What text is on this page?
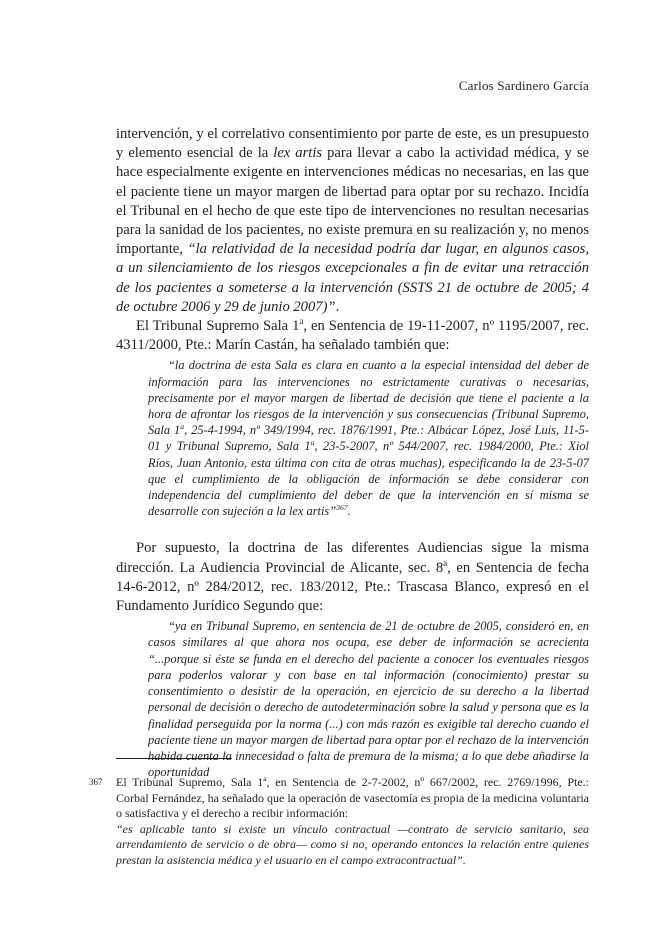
Carlos Sardinero García

intervención, y el correlativo consentimiento por parte de este, es un presupuesto y elemento esencial de la lex artis para llevar a cabo la actividad médica, y se hace especialmente exigente en intervenciones médicas no necesarias, en las que el paciente tiene un mayor margen de libertad para optar por su rechazo. Incidía el Tribunal en el hecho de que este tipo de intervenciones no resultan necesarias para la sanidad de los pacientes, no existe premura en su realización y, no menos importante, “la relatividad de la necesidad podría dar lugar, en algunos casos, a un silenciamiento de los riesgos excepcionales a fin de evitar una retracción de los pacientes a someterse a la intervención (SSTS 21 de octubre de 2005; 4 de octubre 2006 y 29 de junio 2007)”.

El Tribunal Supremo Sala 1$^a$, en Sentencia de 19-11-2007, nº 1195/2007, rec. 4311/2000, Pte.: Marín Castán, ha señalado también que:

“la doctrina de esta Sala es clara en cuanto a la especial intensidad del deber de información para las intervenciones no estrictamente curativas o necesarias, precisamente por el mayor margen de libertad de decisión que tiene el paciente a la hora de afrontar los riesgos de la intervención y sus consecuencias (Tribunal Supremo, Sala 1$^a$, 25-4-1994, nº 349/1994, rec. 1876/1991, Pte.: Albácar López, José Luis, 11-5-01 y Tribunal Supremo, Sala 1$^a$, 23-5-2007, nº 544/2007, rec. 1984/2000, Pte.: Xiol Ríos, Juan Antonio, esta última con cita de otras muchas), especificando la de 23-5-07 que el cumplimiento de la obligación de información se debe considerar con independencia del cumplimiento del deber de que la intervención en sí misma se desarrolle con sujeción a la lex artis”$^{367}$.

Por supuesto, la doctrina de las diferentes Audiencias sigue la misma dirección. La Audiencia Provincial de Alicante, sec. 8$^a$, en Sentencia de fecha 14-6-2012, nº 284/2012, rec. 183/2012, Pte.: Trascasa Blanco, expresó en el Fundamento Jurídico Segundo que:

“ya en Tribunal Supremo, en sentencia de 21 de octubre de 2005, consideró en, en casos similares al que ahora nos ocupa, ese deber de información se acrecienta “...porque si éste se funda en el derecho del paciente a conocer los eventuales riesgos para poderlos valorar y con base en tal información (conocimiento) prestar su consentimiento o desistir de la operación, en ejercicio de su derecho a la libertad personal de decisión o derecho de autodeterminación sobre la salud y persona que es la finalidad perseguida por la norma (...) con más razón es exigible tal derecho cuando el paciente tiene un mayor margen de libertad para optar por el rechazo de la intervención habida cuenta la innecesidad o falta de premura de la misma; a lo que debe añadirse la oportunidad

367 El Tribunal Supremo, Sala 1$^a$, en Sentencia de 2-7-2002, nº 667/2002, rec. 2769/1996, Pte.: Corbal Fernández, ha señalado que la operación de vasectomía es propia de la medicina voluntaria o satisfactiva y el derecho a recibir información:

“es aplicable tanto si existe un vínculo contractual —contrato de servicio sanitario, sea arrendamiento de servicio o de obra— como si no, operando entonces la relación entre quienes prestan la asistencia médica y el usuario en el campo extracontractual”.
